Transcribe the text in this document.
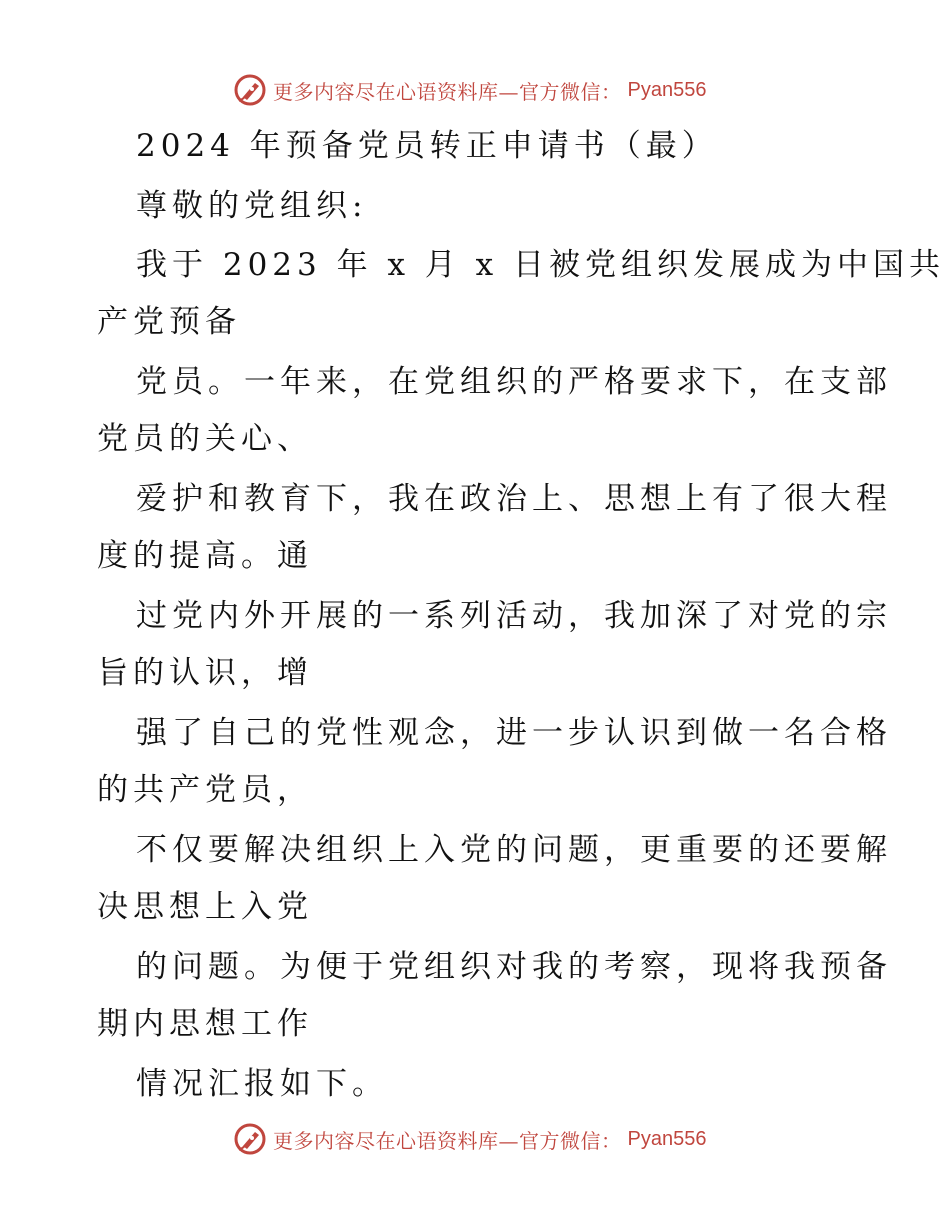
更多内容尽在心语资料库—官方微信： Pyan556
2024 年预备党员转正申请书（最）
尊敬的党组织:
我于 2023 年 x 月 x 日被党组织发展成为中国共
产党预备
党员。一年来，在党组织的严格要求下，在支部
党员的关心、
爱护和教育下，我在政治上、思想上有了很大程
度的提高。通
过党内外开展的一系列活动，我加深了对党的宗
旨的认识，增
强了自己的党性观念，进一步认识到做一名合格
的共产党员，
不仅要解决组织上入党的问题，更重要的还要解
决思想上入党
的问题。为便于党组织对我的考察，现将我预备
期内思想工作
情况汇报如下。
更多内容尽在心语资料库—官方微信： Pyan556
